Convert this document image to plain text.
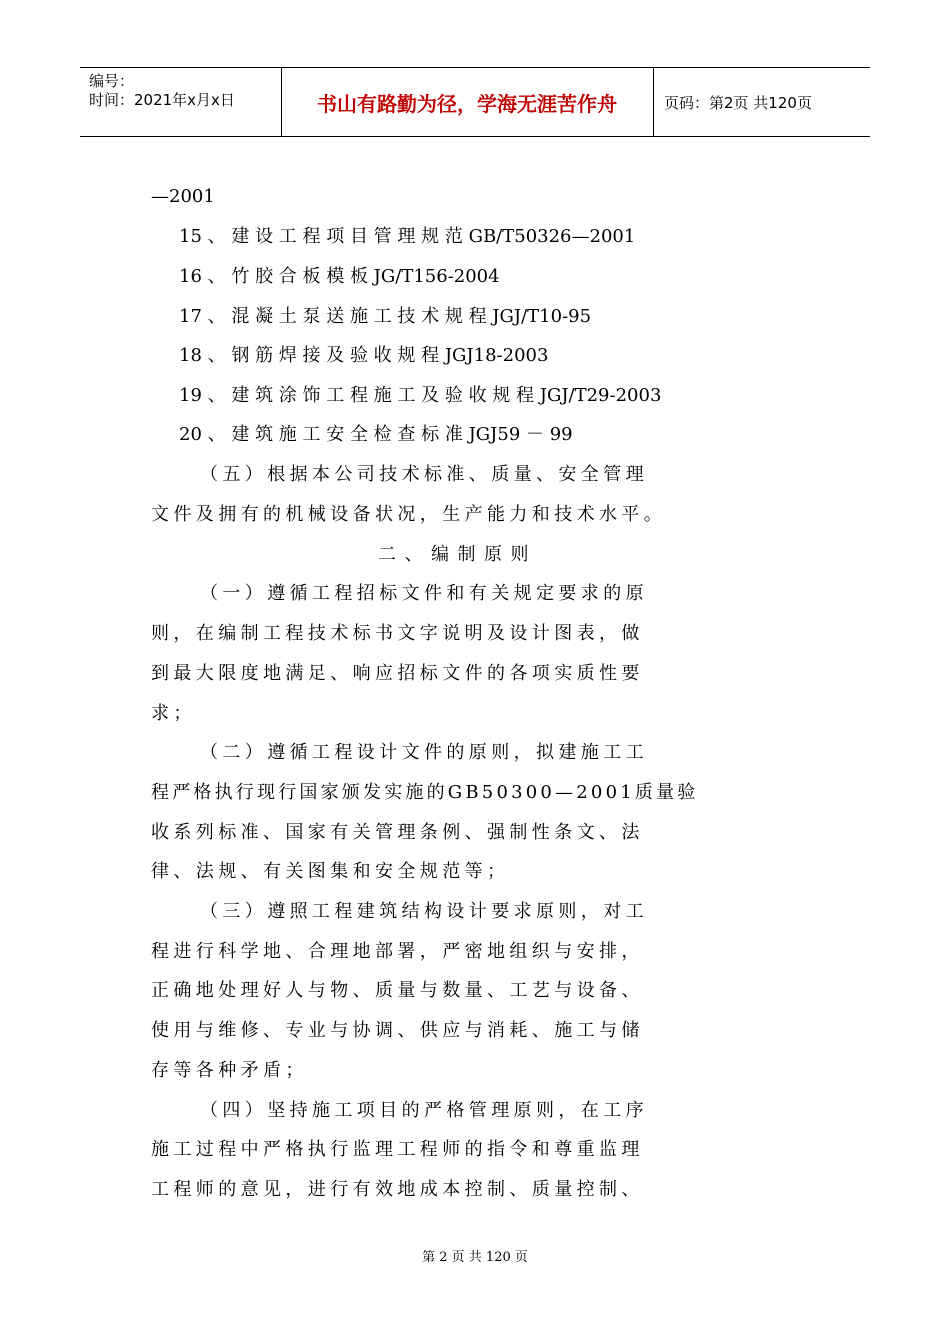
编号：
时间：2021年x月x日	书山有路勤为径，学海无涯苦作舟	页码：第2页 共120页
—2001
15 、 建 设 工 程 项 目 管 理 规 范 GB/T50326—2001
16 、 竹 胶 合 板 模 板 JG/T156-2004
17 、 混 凝 土 泵 送 施 工 技 术 规 程 JGJ/T10-95
18 、 钢 筋 焊 接 及 验 收 规 程 JGJ18-2003
19 、 建 筑 涂 饰 工 程 施 工 及 验 收 规 程 JGJ/T29-2003
20 、 建 筑 施 工 安 全 检 查 标 准 JGJ59 － 99
（五）根据本公司技术标准、质量、安全管理
文件及拥有的机械设备状况，生产能力和技术水平。
二、编制原则
（一）遵循工程招标文件和有关规定要求的原
则，在编制工程技术标书文字说明及设计图表，做
到最大限度地满足、响应招标文件的各项实质性要
求；
（二）遵循工程设计文件的原则，拟建施工工
程严格执行现行国家颁发实施的GB50300—2001质量验
收系列标准、国家有关管理条例、强制性条文、法
律、法规、有关图集和安全规范等；
（三）遵照工程建筑结构设计要求原则，对工
程进行科学地、合理地部署，严密地组织与安排，
正确地处理好人与物、质量与数量、工艺与设备、
使用与维修、专业与协调、供应与消耗、施工与储
存等各种矛盾；
（四）坚持施工项目的严格管理原则，在工序
施工过程中严格执行监理工程师的指令和尊重监理
工程师的意见，进行有效地成本控制、质量控制、
第 2 页 共 120 页
